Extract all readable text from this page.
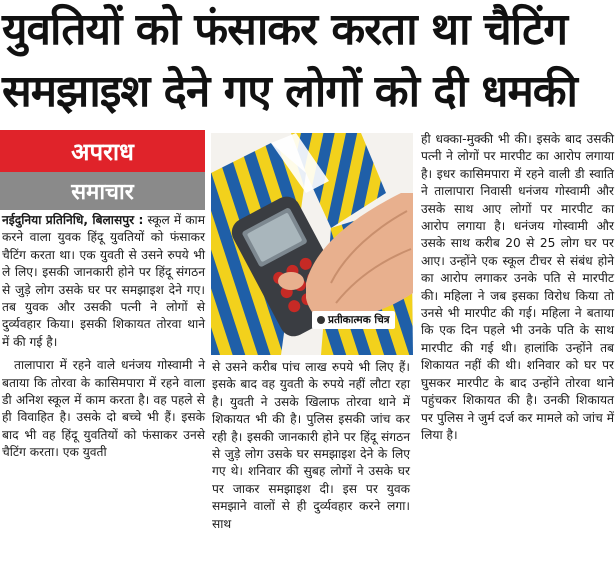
युवतियों को फंसाकर करता था चैटिंग
समझाइश देने गए लोगों को दी धमकी
अपराध
समाचार

नईदुनिया प्रतिनिधि, बिलासपुर : स्कूल में काम करने वाला युवक हिंदू युवतियों को फंसाकर चैटिंग करता था। एक युवती से उसने रुपये भी ले लिए। इसकी जानकारी होने पर हिंदू संगठन से जुड़े लोग उसके घर पर समझाइश देने गए। तब युवक और उसकी पत्नी ने लोगों से दुर्व्यवहार किया। इसकी शिकायत तोरवा थाने में की गई है।

तालापारा में रहने वाले धनंजय गोस्वामी ने बताया कि तोरवा के कासिमपारा में रहने वाला डी अनिश स्कूल में काम करता है। वह पहले से ही विवाहित है। उसके दो बच्चे भी हैं। इसके बाद भी वह हिंदू युवतियों को फंसाकर उनसे चैटिंग करता। एक युवती

प्रतीकात्मक चित्र

से उसने करीब पांच लाख रुपये भी लिए हैं। इसके बाद वह युवती के रुपये नहीं लौटा रहा है। युवती ने उसके खिलाफ तोरवा थाने में शिकायत भी की है। पुलिस इसकी जांच कर रही है। इसकी जानकारी होने पर हिंदू संगठन से जुड़े लोग उसके घर समझाइश देने के लिए गए थे। शनिवार की सुबह लोगों ने उसके घर पर जाकर समझाइश दी। इस पर युवक समझाने वालों से ही दुर्व्यवहार करने लगा। साथ

ही धक्का-मुक्की भी की। इसके बाद उसकी पत्नी ने लोगों पर मारपीट का आरोप लगाया है। इधर कासिमपारा में रहने वाली डी स्वाति ने तालापारा निवासी धनंजय गोस्वामी और उसके साथ आए लोगों पर मारपीट का आरोप लगाया है। धनंजय गोस्वामी और उसके साथ करीब 20 से 25 लोग घर पर आए। उन्होंने एक स्कूल टीचर से संबंध होने का आरोप लगाकर उनके पति से मारपीट की। महिला ने जब इसका विरोध किया तो उनसे भी मारपीट की गई। महिला ने बताया कि एक दिन पहले भी उनके पति के साथ मारपीट की गई थी। हालांकि उन्होंने तब शिकायत नहीं की थी। शनिवार को घर पर घुसकर मारपीट के बाद उन्होंने तोरवा थाने पहुंचकर शिकायत की है। उनकी शिकायत पर पुलिस ने जुर्म दर्ज कर मामले को जांच में लिया है।
